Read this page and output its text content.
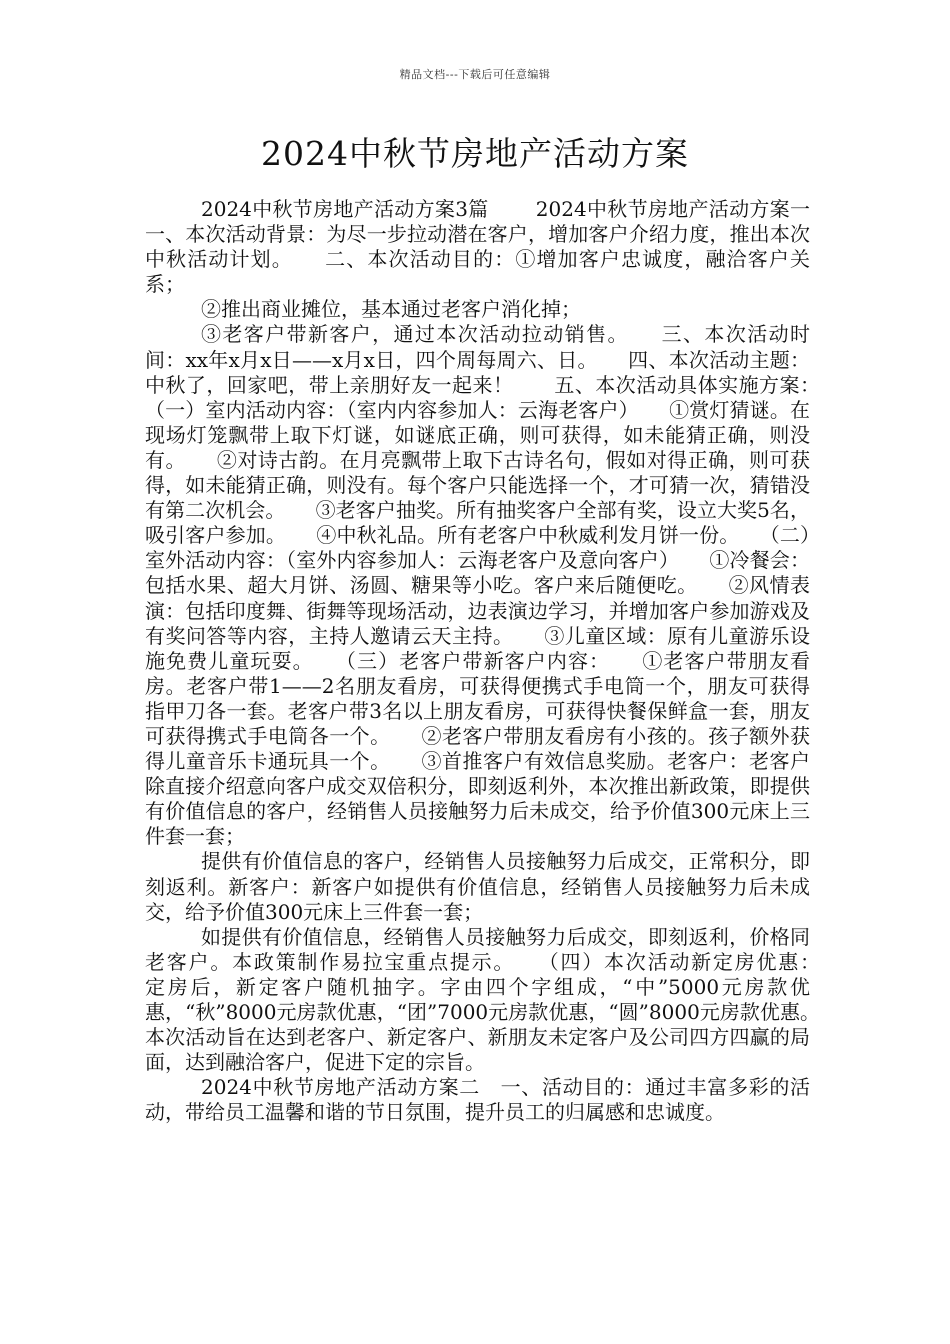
精品文档---下载后可任意编辑
2024中秋节房地产活动方案

2024中秋节房地产活动方案3篇　　 2024中秋节房地产活动方案一　　一、本次活动背景：为尽一步拉动潜在客户，增加客户介绍力度，推出本次中秋活动计划。　　二、本次活动目的：①增加客户忠诚度，融洽客户关系；

②推出商业摊位，基本通过老客户消化掉；

③老客户带新客户，通过本次活动拉动销售。　　三、本次活动时间：xx年x月x日——x月x日，四个周每周六、日。　　四、本次活动主题：中秋了，回家吧，带上亲朋好友一起来！　　五、本次活动具体实施方案：　　（一）室内活动内容：（室内内容参加人：云海老客户）　　①赏灯猜谜。在现场灯笼飘带上取下灯谜，如谜底正确，则可获得，如未能猜正确，则没有。　　②对诗古韵。在月亮飘带上取下古诗名句，假如对得正确，则可获得，如未能猜正确，则没有。每个客户只能选择一个，才可猜一次，猜错没有第二次机会。　　③老客户抽奖。所有抽奖客户全部有奖，设立大奖5名，吸引客户参加。　　④中秋礼品。所有老客户中秋威利发月饼一份。　　（二）室外活动内容：（室外内容参加人：云海老客户及意向客户）　　①冷餐会：包括水果、超大月饼、汤圆、糖果等小吃。客户来后随便吃。　　②风情表演：包括印度舞、街舞等现场活动，边表演边学习，并增加客户参加游戏及有奖问答等内容，主持人邀请云天主持。　　③儿童区域：原有儿童游乐设施免费儿童玩耍。　　（三）老客户带新客户内容：　　①老客户带朋友看房。老客户带1——2名朋友看房，可获得便携式手电筒一个，朋友可获得指甲刀各一套。老客户带3名以上朋友看房，可获得快餐保鲜盒一套，朋友可获得携式手电筒各一个。　　②老客户带朋友看房有小孩的。孩子额外获得儿童音乐卡通玩具一个。　　③首推客户有效信息奖励。老客户：老客户除直接介绍意向客户成交双倍积分，即刻返利外，本次推出新政策，即提供有价值信息的客户，经销售人员接触努力后未成交，给予价值300元床上三件套一套；

提供有价值信息的客户，经销售人员接触努力后成交，正常积分，即刻返利。新客户：新客户如提供有价值信息，经销售人员接触努力后未成交，给予价值300元床上三件套一套；

如提供有价值信息，经销售人员接触努力后成交，即刻返利，价格同老客户。本政策制作易拉宝重点提示。　　（四）本次活动新定房优惠：　　定房后，新定客户随机抽字。字由四个字组成，“中”5000元房款优惠，“秋”8000元房款优惠，“团”7000元房款优惠，“圆”8000元房款优惠。　　本次活动旨在达到老客户、新定客户、新朋友未定客户及公司四方四赢的局面，达到融洽客户，促进下定的宗旨。

2024中秋节房地产活动方案二　一、活动目的：通过丰富多彩的活动，带给员工温馨和谐的节日氛围，提升员工的归属感和忠诚度。
